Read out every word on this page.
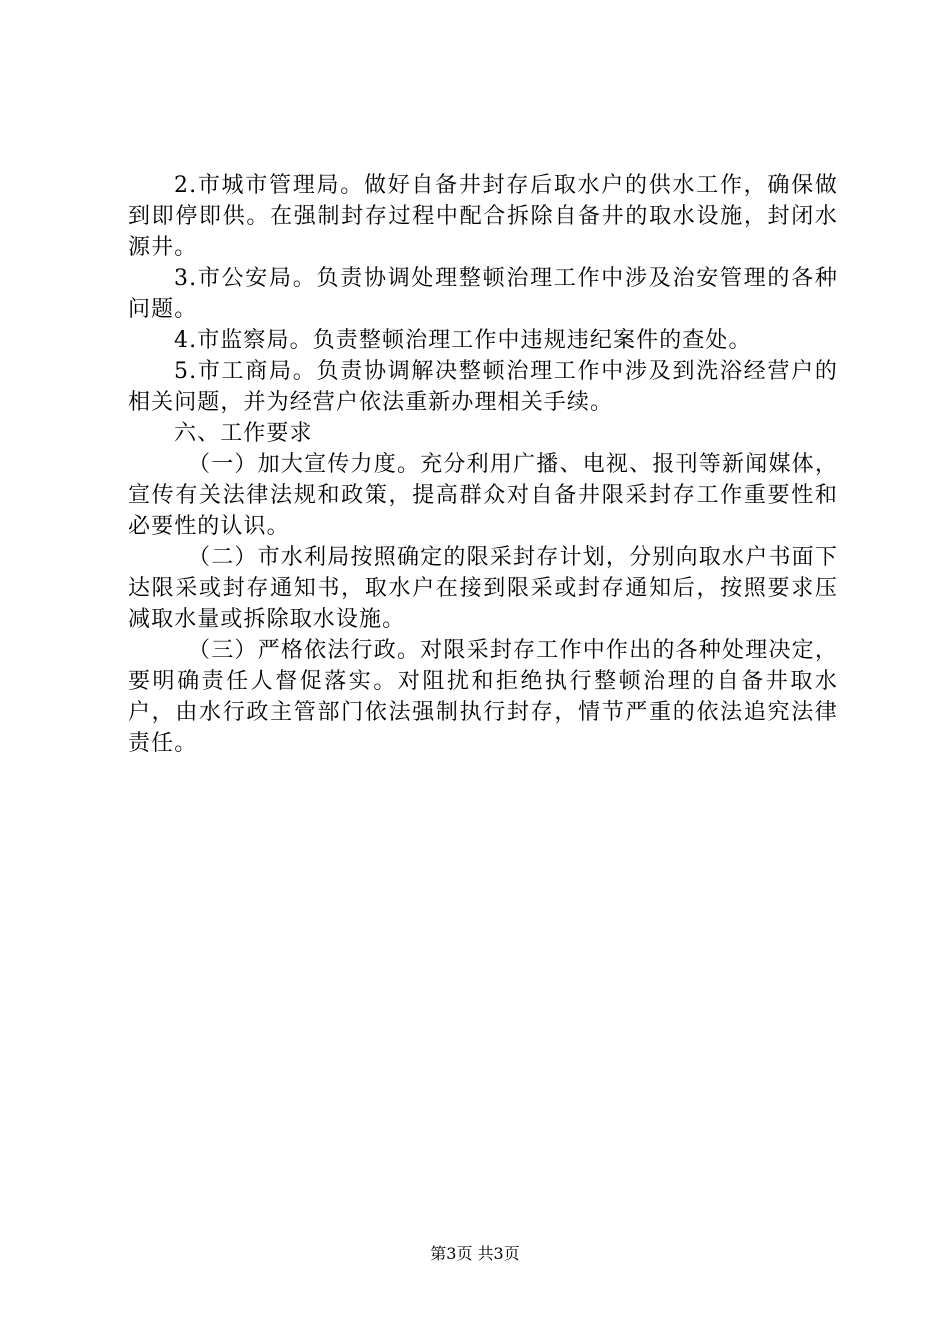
2.市城市管理局。做好自备井封存后取水户的供水工作，确保做到即停即供。在强制封存过程中配合拆除自备井的取水设施，封闭水源井。

3.市公安局。负责协调处理整顿治理工作中涉及治安管理的各种问题。

4.市监察局。负责整顿治理工作中违规违纪案件的查处。

5.市工商局。负责协调解决整顿治理工作中涉及到洗浴经营户的相关问题，并为经营户依法重新办理相关手续。

六、工作要求

（一）加大宣传力度。充分利用广播、电视、报刊等新闻媒体，宣传有关法律法规和政策，提高群众对自备井限采封存工作重要性和必要性的认识。

（二）市水利局按照确定的限采封存计划，分别向取水户书面下达限采或封存通知书，取水户在接到限采或封存通知后，按照要求压减取水量或拆除取水设施。

（三）严格依法行政。对限采封存工作中作出的各种处理决定，要明确责任人督促落实。对阻扰和拒绝执行整顿治理的自备井取水户，由水行政主管部门依法强制执行封存，情节严重的依法追究法律责任。

第3页 共3页
